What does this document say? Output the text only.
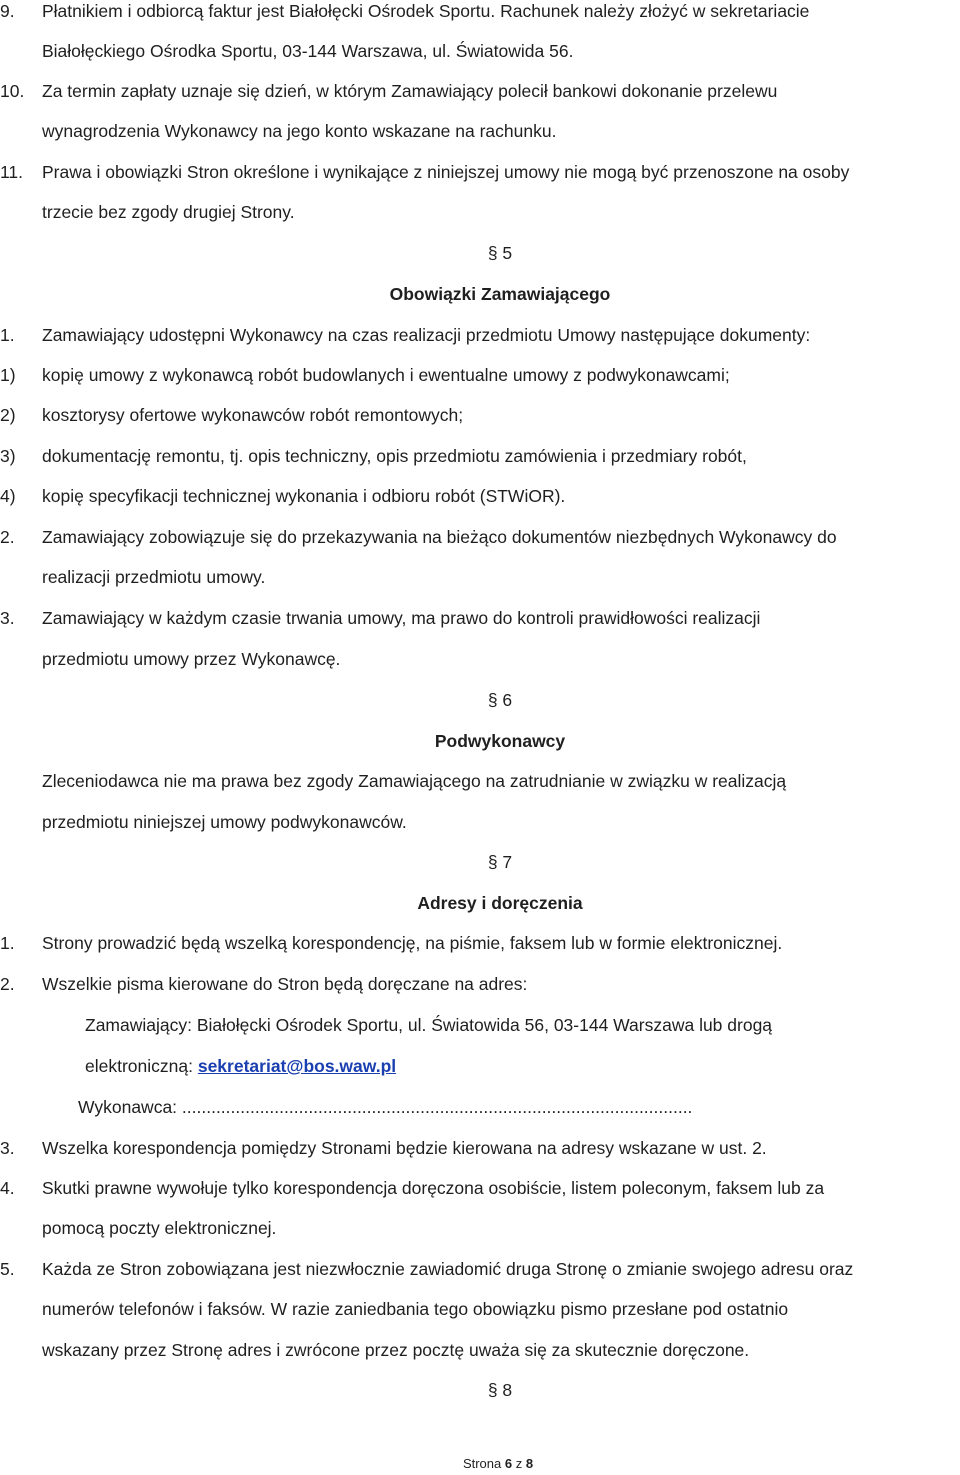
9. Płatnikiem i odbiorcą faktur jest Białołęcki Ośrodek Sportu. Rachunek należy złożyć w sekretariacie
Białołęckiego Ośrodka Sportu, 03-144 Warszawa, ul. Światowida 56.
10. Za termin zapłaty uznaje się dzień, w którym Zamawiający polecił bankowi dokonanie przelewu
wynagrodzenia Wykonawcy na jego konto wskazane na rachunku.
11. Prawa i obowiązki Stron określone i wynikające z niniejszej umowy nie mogą być przenoszone na osoby
trzecie bez zgody drugiej Strony.
§ 5
Obowiązki Zamawiającego
1. Zamawiający udostępni Wykonawcy na czas realizacji przedmiotu Umowy następujące dokumenty:
1) kopię umowy z wykonawcą robót budowlanych i ewentualne umowy z podwykonawcami;
2) kosztorysy ofertowe wykonawców robót remontowych;
3) dokumentację remontu, tj. opis techniczny, opis przedmiotu zamówienia i przedmiary robót,
4) kopię specyfikacji technicznej wykonania i odbioru robót (STWiOR).
2. Zamawiający zobowiązuje się do przekazywania na bieżąco dokumentów niezbędnych Wykonawcy do
realizacji przedmiotu umowy.
3. Zamawiający w każdym czasie trwania umowy, ma prawo do kontroli prawidłowości realizacji
przedmiotu umowy przez Wykonawcę.
§ 6
Podwykonawcy
Zleceniodawca nie ma prawa bez zgody Zamawiającego na zatrudnianie w związku w realizacją
przedmiotu niniejszej umowy podwykonawców.
§ 7
Adresy i doręczenia
1. Strony prowadzić będą wszelką korespondencję, na piśmie, faksem lub w formie elektronicznej.
2. Wszelkie pisma kierowane do Stron będą doręczane na adres:
Zamawiający: Białołęcki Ośrodek Sportu, ul. Światowida 56, 03-144 Warszawa lub drogą
elektroniczną: sekretariat@bos.waw.pl
Wykonawca: .........................................................................................................
3. Wszelka korespondencja pomiędzy Stronami będzie kierowana na adresy wskazane w ust. 2.
4. Skutki prawne wywołuje tylko korespondencja doręczona osobiście, listem poleconym, faksem lub za
pomocą poczty elektronicznej.
5. Każda ze Stron zobowiązana jest niezwłocznie zawiadomić druga Stronę o zmianie swojego adresu oraz
numerów telefonów i faksów. W razie zaniedbania tego obowiązku pismo przesłane pod ostatnio
wskazany przez Stronę adres i zwrócone przez pocztę uważa się za skutecznie doręczone.
§ 8
Strona 6 z 8
